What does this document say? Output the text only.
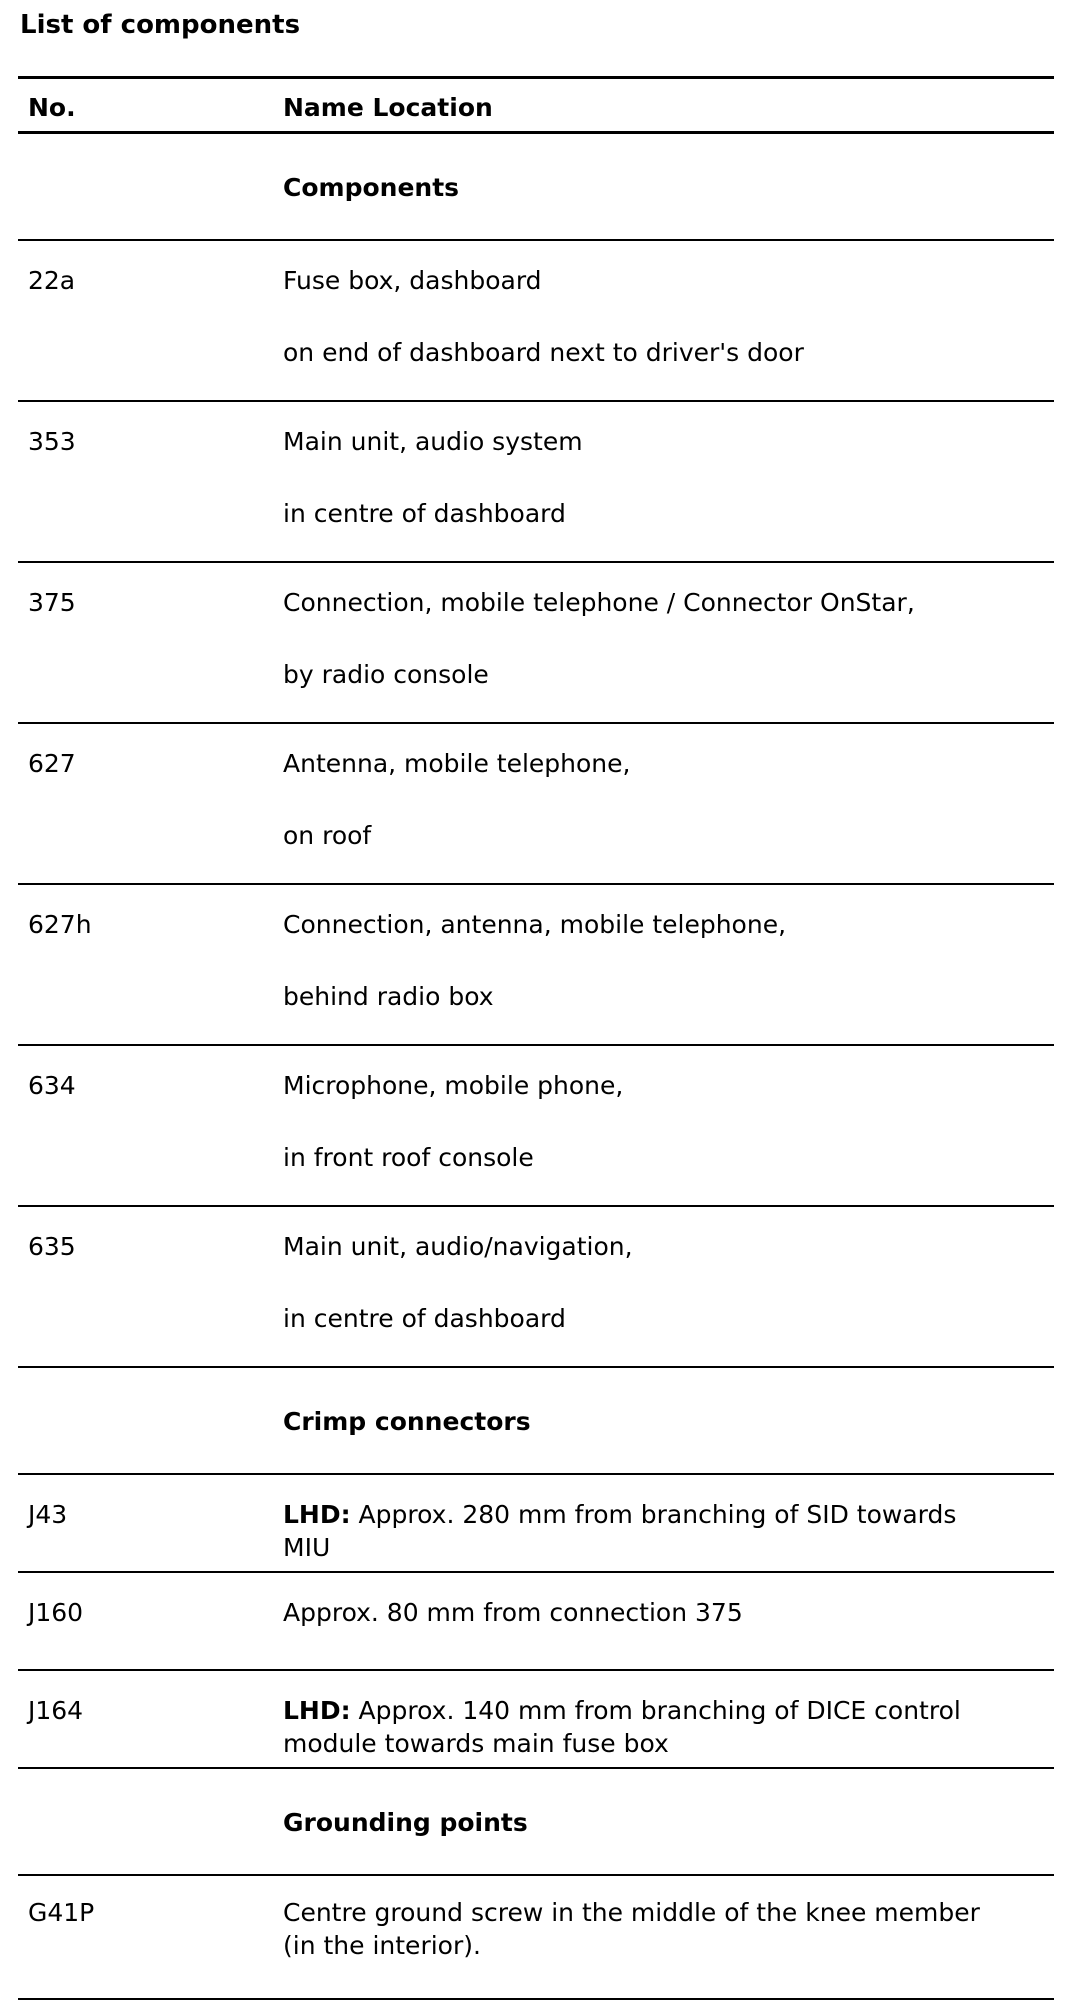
List of components
No.	Name Location
	Components
22a	Fuse box, dashboard
on end of dashboard next to driver's door

353	Main unit, audio system
in centre of dashboard

375	Connection, mobile telephone / Connector OnStar,
by radio console

627	Antenna, mobile telephone,
on roof

627h	Connection, antenna, mobile telephone,
behind radio box

634	Microphone, mobile phone,
in front roof console

635	Main unit, audio/navigation,
in centre of dashboard

	Crimp connectors
J43	LHD: Approx. 280 mm from branching of SID towards
MIU

J160	Approx. 80 mm from connection 375

J164	LHD: Approx. 140 mm from branching of DICE control
module towards main fuse box

	Grounding points
G41P	Centre ground screw in the middle of the knee member
(in the interior).
